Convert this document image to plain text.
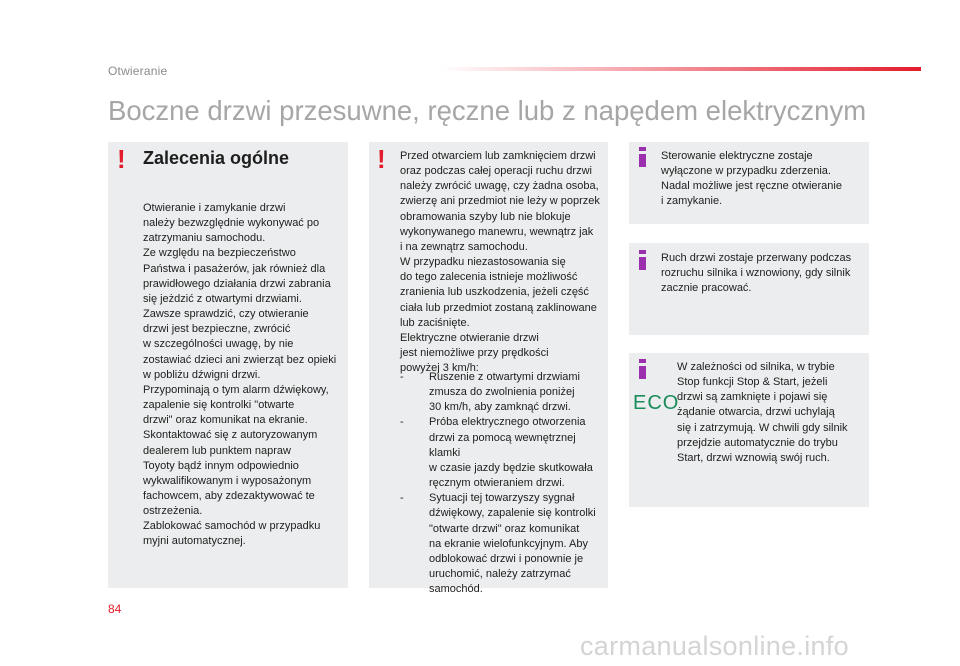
Otwieranie
Boczne drzwi przesuwne, ręczne lub z napędem elektrycznym
! Zalecenia ogólne
Otwieranie i zamykanie drzwi
należy bezwzględnie wykonywać po
zatrzymaniu samochodu.
Ze względu na bezpieczeństwo
Państwa i pasażerów, jak również dla
prawidłowego działania drzwi zabrania
się jeżdzić z otwartymi drzwiami.
Zawsze sprawdzić, czy otwieranie
drzwi jest bezpieczne, zwrócić
w szczególności uwagę, by nie
zostawiać dzieci ani zwierząt bez opieki
w pobliżu dźwigni drzwi.
Przypominają o tym alarm dźwiękowy,
zapalenie się kontrolki "otwarte
drzwi" oraz komunikat na ekranie.
Skontaktować się z autoryzowanym
dealerem lub punktem napraw
Toyoty bądź innym odpowiednio
wykwalifikowanym i wyposażonym
fachowcem, aby zdezaktywować te
ostrzeżenia.
Zablokować samochód w przypadku
myjni automatycznej.
! Przed otwarciem lub zamknięciem drzwi
oraz podczas całej operacji ruchu drzwi
należy zwrócić uwagę, czy żadna osoba,
zwierzę ani przedmiot nie leży w poprzek
obramowania szyby lub nie blokuje
wykonywanego manewru, wewnątrz jak
i na zewnątrz samochodu.
W przypadku niezastosowania się
do tego zalecenia istnieje możliwość
zranienia lub uszkodzenia, jeżeli część
ciała lub przedmiot zostaną zaklinowane
lub zaciśnięte.
Elektryczne otwieranie drzwi
jest niemożliwe przy prędkości
powyżej 3 km/h:
- Ruszenie z otwartymi drzwiami
zmusza do zwolnienia poniżej
30 km/h, aby zamknąć drzwi.
- Próba elektrycznego otworzenia
drzwi za pomocą wewnętrznej klamki
w czasie jazdy będzie skutkowała
ręcznym otwieraniem drzwi.
- Sytuacji tej towarzyszy sygnał
dźwiękowy, zapalenie się kontrolki
"otwarte drzwi" oraz komunikat
na ekranie wielofunkcyjnym. Aby
odblokować drzwi i ponownie je
uruchomić, należy zatrzymać
samochód.
Sterowanie elektryczne zostaje
wyłączone w przypadku zderzenia.
Nadal możliwe jest ręczne otwieranie
i zamykanie.
Ruch drzwi zostaje przerwany podczas
rozruchu silnika i wznowiony, gdy silnik
zacznie pracować.
ECO
W zależności od silnika, w trybie
Stop funkcji Stop & Start, jeżeli
drzwi są zamknięte i pojawi się
żądanie otwarcia, drzwi uchylają
się i zatrzymują. W chwili gdy silnik
przejdzie automatycznie do trybu
Start, drzwi wznowią swój ruch.
84
carmanualsonline.info
